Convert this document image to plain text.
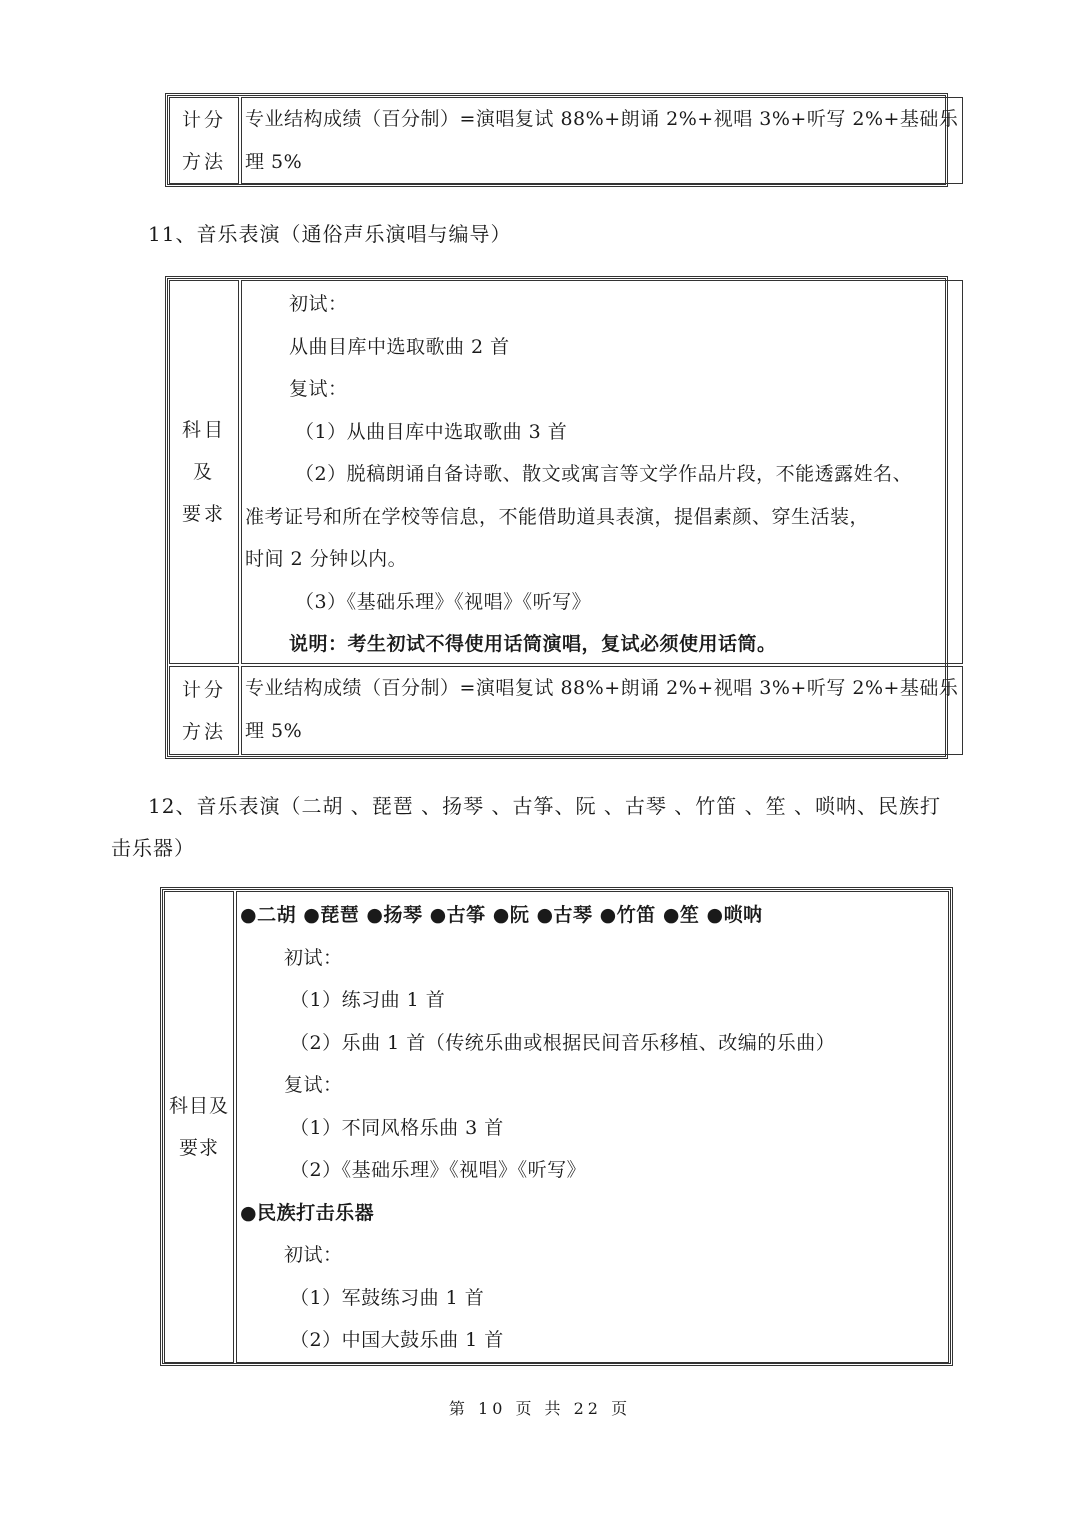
计分
方法
专业结构成绩（百分制）=演唱复试 88%+朗诵 2%+视唱 3%+听写 2%+基础乐
理 5%
11、音乐表演（通俗声乐演唱与编导）
科目
及
要求
初试：
从曲目库中选取歌曲 2 首
复试：
（1）从曲目库中选取歌曲 3 首
（2）脱稿朗诵自备诗歌、散文或寓言等文学作品片段，不能透露姓名、
准考证号和所在学校等信息，不能借助道具表演，提倡素颜、穿生活装，
时间 2 分钟以内。
（3）《基础乐理》《视唱》《听写》
说明：考生初试不得使用话筒演唱，复试必须使用话筒。
计分
方法
专业结构成绩（百分制）=演唱复试 88%+朗诵 2%+视唱 3%+听写 2%+基础乐
理 5%
12、音乐表演（二胡 、琵琶 、扬琴 、古筝、阮 、古琴 、竹笛 、笙 、唢呐、民族打
击乐器）
科目及
要求
●二胡 ●琵琶 ●扬琴 ●古筝 ●阮 ●古琴 ●竹笛 ●笙 ●唢呐
初试：
（1）练习曲 1 首
（2）乐曲 1 首（传统乐曲或根据民间音乐移植、改编的乐曲）
复试：
（1）不同风格乐曲 3 首
（2）《基础乐理》《视唱》《听写》
●民族打击乐器
初试：
（1）军鼓练习曲 1 首
（2）中国大鼓乐曲 1 首
第 10 页 共 22 页
